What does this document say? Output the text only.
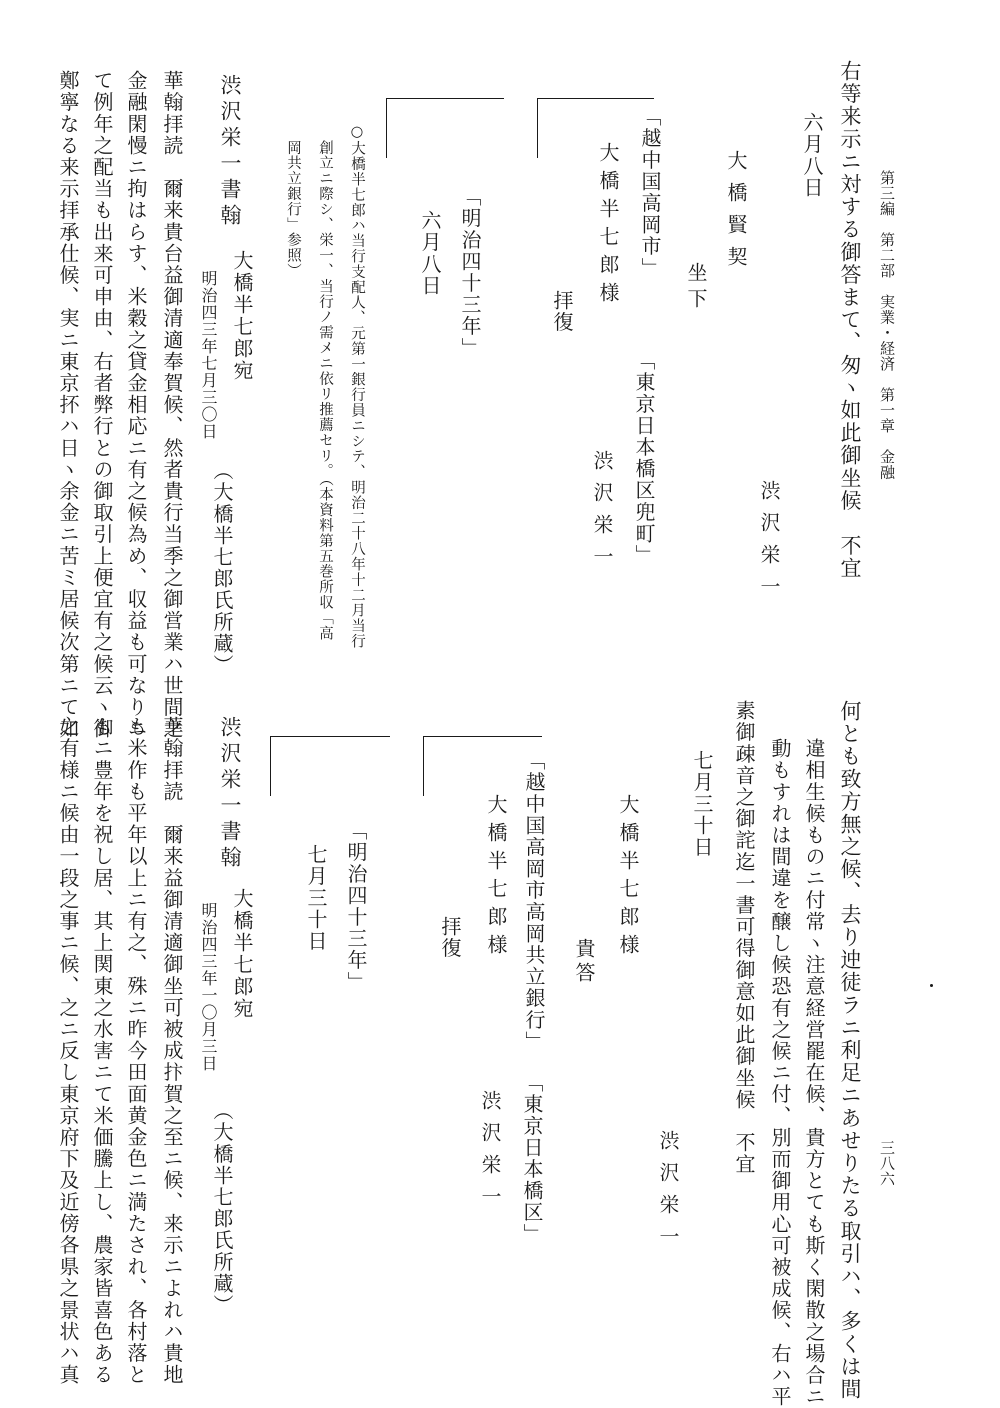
第三編　第二部　実業・経済　第一章　金融
三八六
右等来示ニ対する御答まて、匆ヽ如此御坐候　不宜
六月八日
渋沢栄一
大橋賢契
坐下
「越中国高岡市」
大橋半七郎様
拝復
「東京日本橋区兜町」
渋沢栄一
「明治四十三年」
六月八日
○大橋半七郎ハ当行支配人、元第一銀行員ニシテ、明治二十八年十二月当行
創立ニ際シ、栄一、当行ノ需メニ依リ推薦セリ。（本資料第五巻所収「高
岡共立銀行」参照）
渋沢栄一書翰
大橋半七郎宛
明治四三年七月三〇日
（大橋半七郎氏所蔵）
華翰拝読　爾来貴台益御清適奉賀候、然者貴行当季之御営業ハ世間之
金融閑慢ニ拘はらす、米穀之貸金相応ニ有之候為め、収益も可なりニ
て例年之配当も出来可申由、右者弊行との御取引上便宜有之候云ヽ御
鄭寧なる来示拝承仕候、実ニ東京抔ハ日ヽ余金ニ苦ミ居候次第ニて如
何とも致方無之候、去り迚徒ラニ利足ニあせりたる取引ハ、多くは間
違相生候ものニ付常ヽ注意経営罷在候、貴方とても斯く閑散之場合ニ
動もすれは間違を醸し候恐有之候ニ付、別而御用心可被成候、右ハ平
素御疎音之御詫迄一書可得御意如此御坐候　不宜
七月三十日
渋沢栄一
大橋半七郎様
貴答
「越中国高岡市高岡共立銀行」
大橋半七郎様
拝復
「東京日本橋区」
渋沢栄一
「明治四十三年」
七月三十日
渋沢栄一書翰
大橋半七郎宛
明治四三年一〇月三日
（大橋半七郎氏所蔵）
華翰拝読　爾来益御清適御坐可被成抃賀之至ニ候、来示ニよれハ貴地
も米作も平年以上ニ有之、殊ニ昨今田面黄金色ニ満たされ、各村落と
もニ豊年を祝し居、其上関東之水害ニて米価騰上し、農家皆喜色ある
之有様ニ候由一段之事ニ候、之ニ反し東京府下及近傍各県之景状ハ真
